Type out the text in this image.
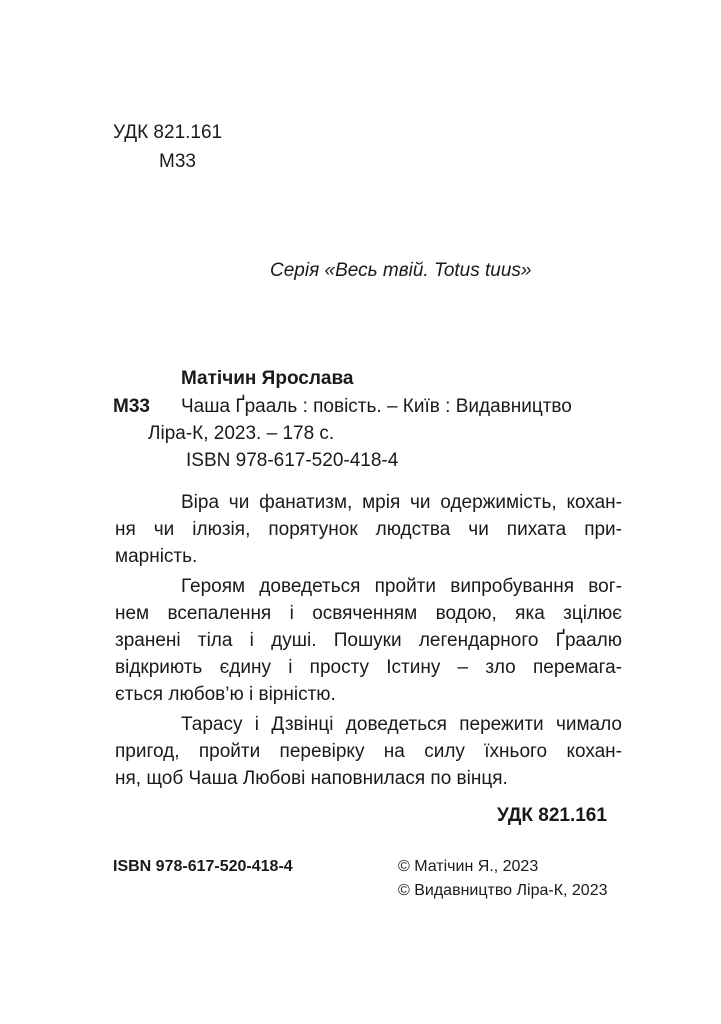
УДК 821.161
М33
Серія «Весь твій. Totus tuus»
Матічин Ярослава
М33 Чаша Ґрааль : повість. – Київ : Видавництво
Ліра-К, 2023. – 178 с.
ISBN 978-617-520-418-4

Віра чи фанатизм, мрія чи одержимість, кохан-
ня чи ілюзія, порятунок людства чи пихата при-
марність.

Героям доведеться пройти випробування вог-
нем всепалення і освяченням водою, яка зцілює
зранені тіла і душі. Пошуки легендарного Ґраалю
відкриють єдину і просту Істину – зло перемага-
ється любов’ю і вірністю.

Тарасу і Дзвінці доведеться пережити чимало
пригод, пройти перевірку на силу їхнього кохан-
ня, щоб Чаша Любові наповнилася по вінця.

УДК 821.161
ISBN 978-617-520-418-4	© Матічин Я., 2023
© Видавництво Ліра-К, 2023
